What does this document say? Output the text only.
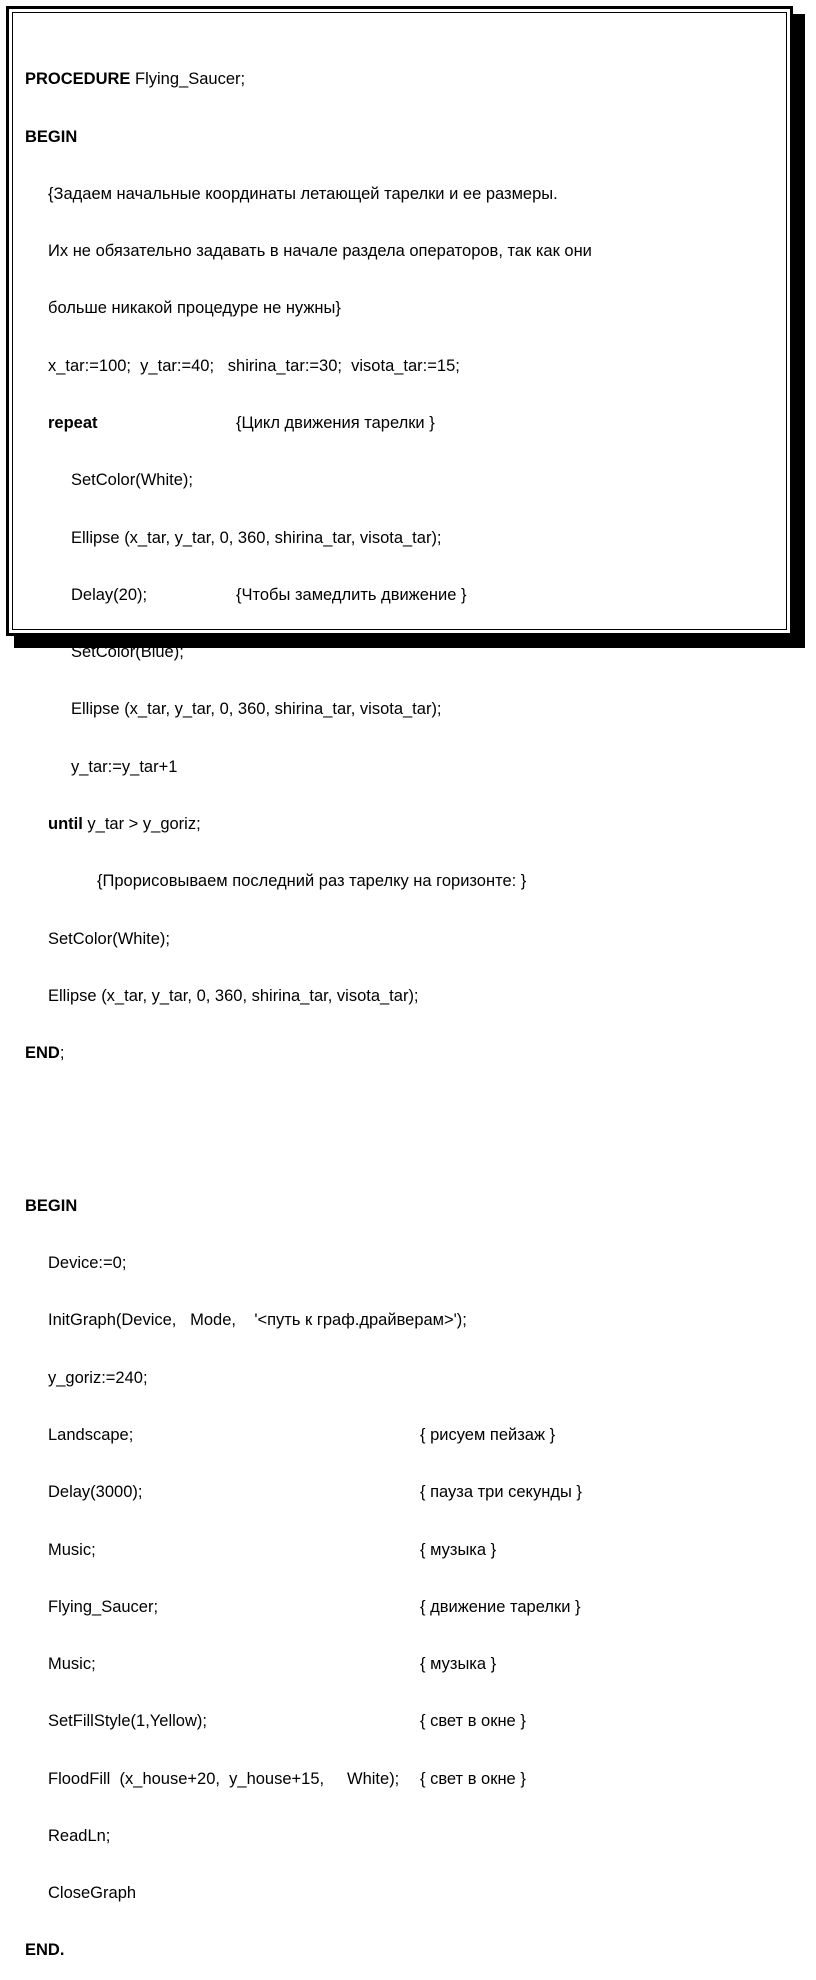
PROCEDURE Flying_Saucer;

BEGIN

{Задаем начальные координаты летающей тарелки и ее размеры.

Их не обязательно задавать в начале раздела операторов, так как они

больше никакой процедуре не нужны}

x_tar:=100;  y_tar:=40;   shirina_tar:=30;  visota_tar:=15;

repeat	{Цикл движения тарелки }

SetColor(White);

Ellipse (x_tar, y_tar, 0, 360, shirina_tar, visota_tar);

Delay(20);	{Чтобы замедлить движение }

SetColor(Blue);

Ellipse (x_tar, y_tar, 0, 360, shirina_tar, visota_tar);

y_tar:=y_tar+1

until y_tar > y_goriz;

{Прорисовываем последний раз тарелку на горизонте: }

SetColor(White);

Ellipse (x_tar, y_tar, 0, 360, shirina_tar, visota_tar);

END;

BEGIN

Device:=0;

InitGraph(Device,   Mode,    '<путь к граф.драйверам>');

y_goriz:=240;

Landscape;	{ рисуем пейзаж }

Delay(3000);	{ пауза три секунды }

Music;	{ музыка }

Flying_Saucer;	{ движение тарелки }

Music;	{ музыка }

SetFillStyle(1,Yellow);	{ свет в окне }

FloodFill  (x_house+20,  y_house+15,     White); { свет в окне }

ReadLn;

CloseGraph

END.
